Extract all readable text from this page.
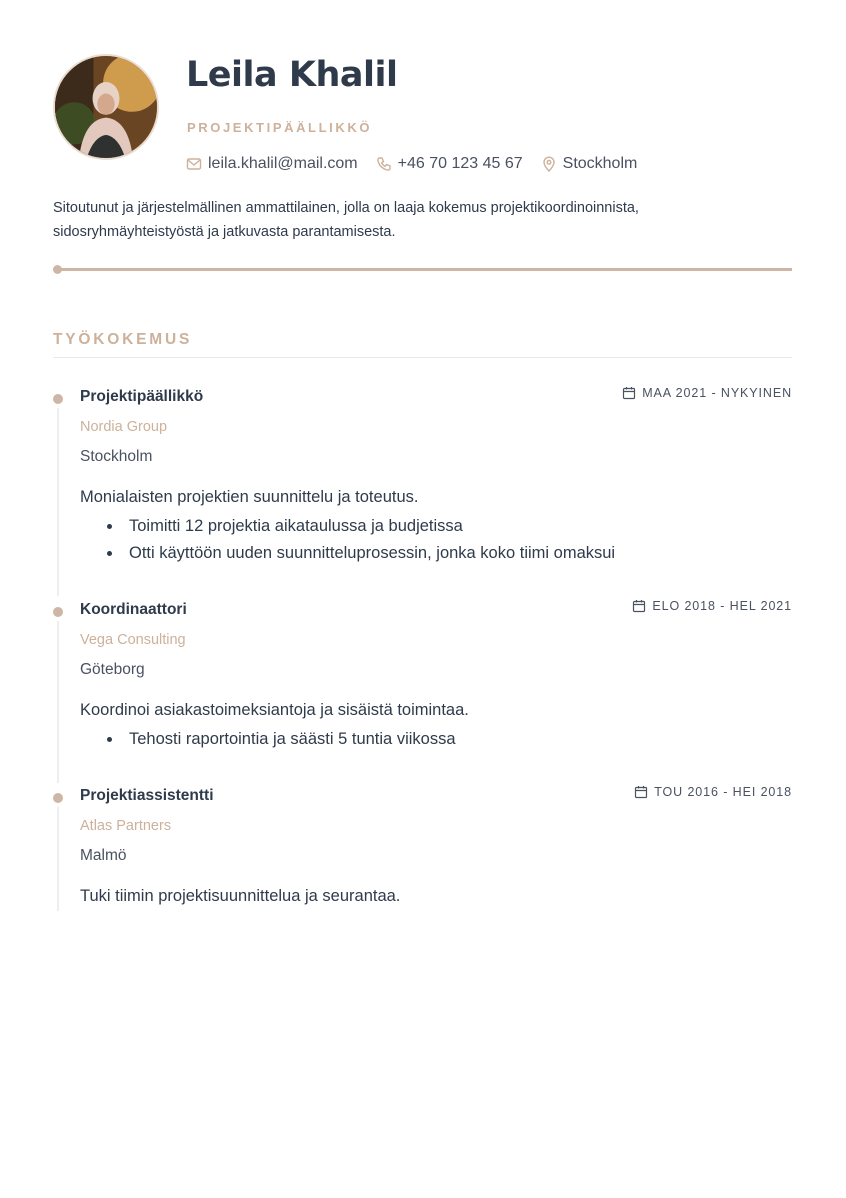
Leila Khalil
PROJEKTIPÄÄLLIKKÖ
leila.khalil@mail.com	+46 70 123 45 67	Stockholm

Sitoutunut ja järjestelmällinen ammattilainen, jolla on laaja kokemus projektikoordinoinnista, sidosryhmäyhteistyöstä ja jatkuvasta parantamisesta.

TYÖKOKEMUS
Projektipäällikkö	MAA 2021 - NYKYINEN
Nordia Group
Stockholm
Monialaisten projektien suunnittelu ja toteutus.
Toimitti 12 projektia aikataulussa ja budjetissa
Otti käyttöön uuden suunnitteluprosessin, jonka koko tiimi omaksui
Koordinaattori	ELO 2018 - HEL 2021
Vega Consulting
Göteborg
Koordinoi asiakastoimeksiantoja ja sisäistä toimintaa.
Tehosti raportointia ja säästi 5 tuntia viikossa
Projektiassistentti	TOU 2016 - HEI 2018
Atlas Partners
Malmö
Tuki tiimin projektisuunnittelua ja seurantaa.
